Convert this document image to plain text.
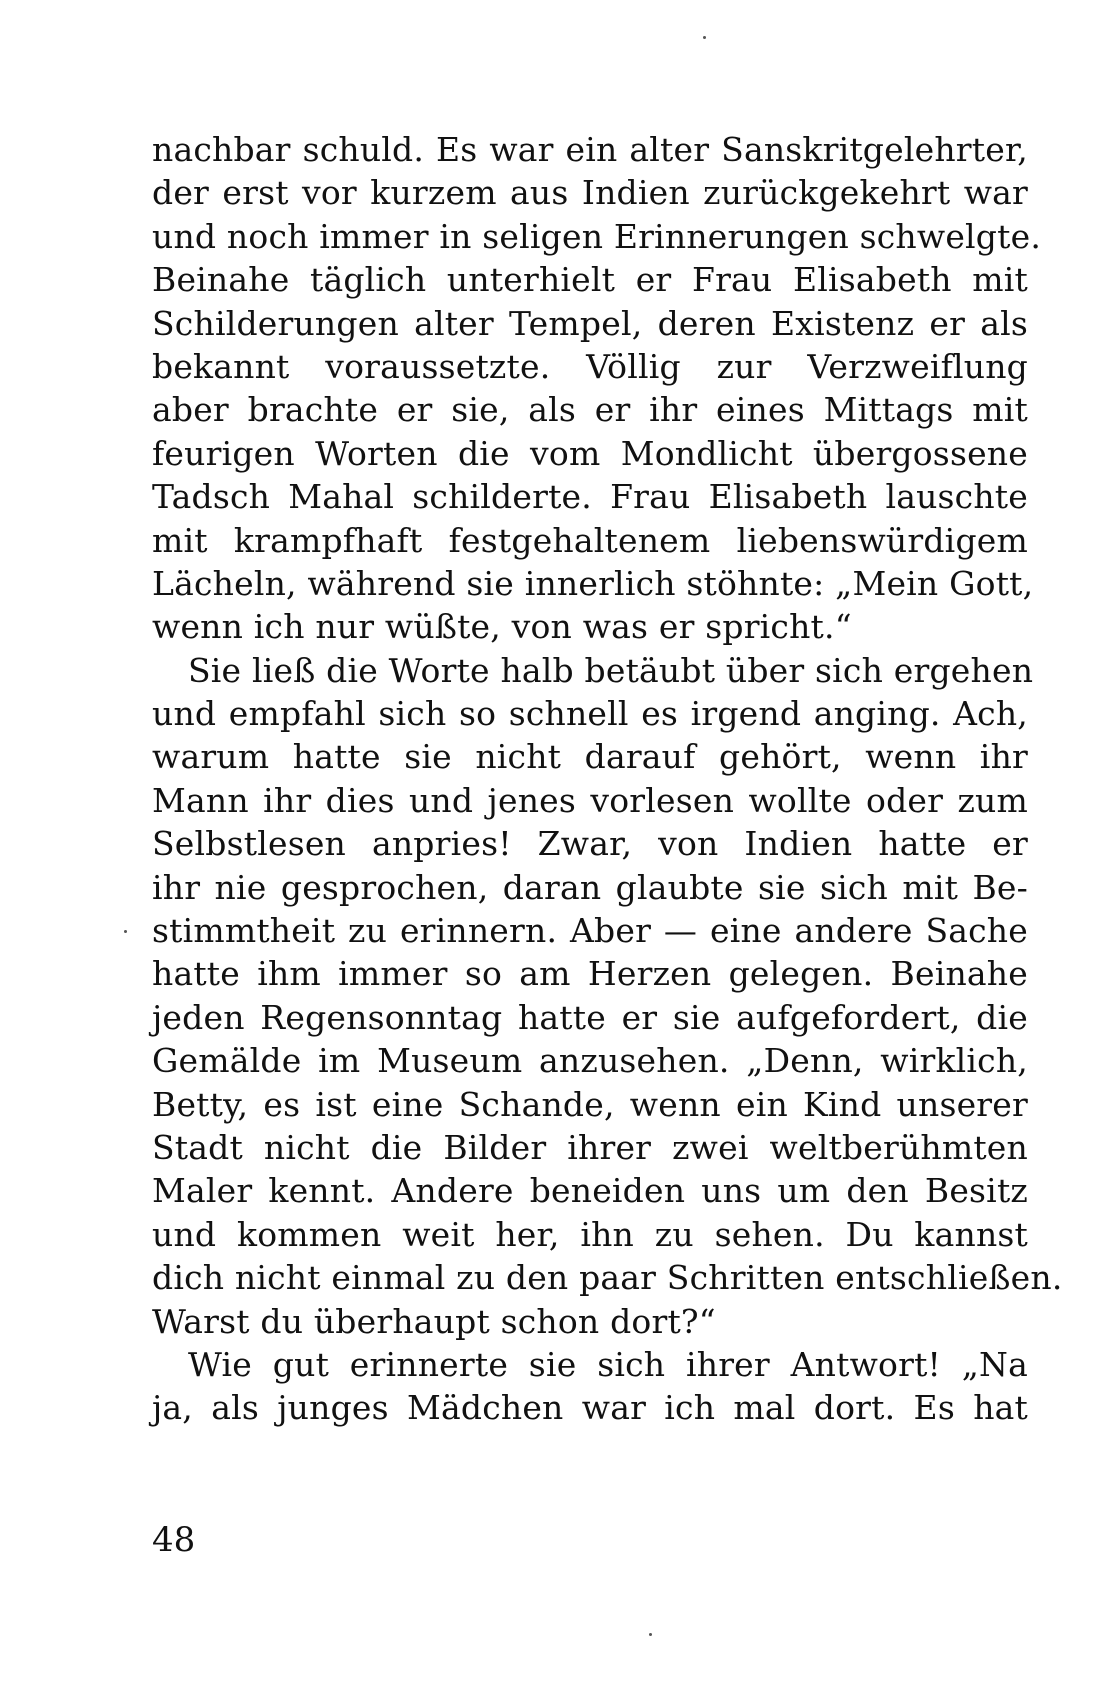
nachbar schuld. Es war ein alter Sanskritgelehrter,
der erst vor kurzem aus Indien zurückgekehrt war
und noch immer in seligen Erinnerungen schwelgte.
Beinahe täglich unterhielt er Frau Elisabeth mit
Schilderungen alter Tempel, deren Existenz er als
bekannt voraussetzte. Völlig zur Verzweiflung
aber brachte er sie, als er ihr eines Mittags mit
feurigen Worten die vom Mondlicht übergossene
Tadsch Mahal schilderte. Frau Elisabeth lauschte
mit krampfhaft festgehaltenem liebenswürdigem
Lächeln, während sie innerlich stöhnte: „Mein Gott,
wenn ich nur wüßte, von was er spricht.“
Sie ließ die Worte halb betäubt über sich ergehen
und empfahl sich so schnell es irgend anging. Ach,
warum hatte sie nicht darauf gehört, wenn ihr
Mann ihr dies und jenes vorlesen wollte oder zum
Selbstlesen anpries! Zwar, von Indien hatte er
ihr nie gesprochen, daran glaubte sie sich mit Be-
stimmtheit zu erinnern. Aber — eine andere Sache
hatte ihm immer so am Herzen gelegen. Beinahe
jeden Regensonntag hatte er sie aufgefordert, die
Gemälde im Museum anzusehen. „Denn, wirklich,
Betty, es ist eine Schande, wenn ein Kind unserer
Stadt nicht die Bilder ihrer zwei weltberühmten
Maler kennt. Andere beneiden uns um den Besitz
und kommen weit her, ihn zu sehen. Du kannst
dich nicht einmal zu den paar Schritten entschließen.
Warst du überhaupt schon dort?“
Wie gut erinnerte sie sich ihrer Antwort! „Na
ja, als junges Mädchen war ich mal dort. Es hat
48
